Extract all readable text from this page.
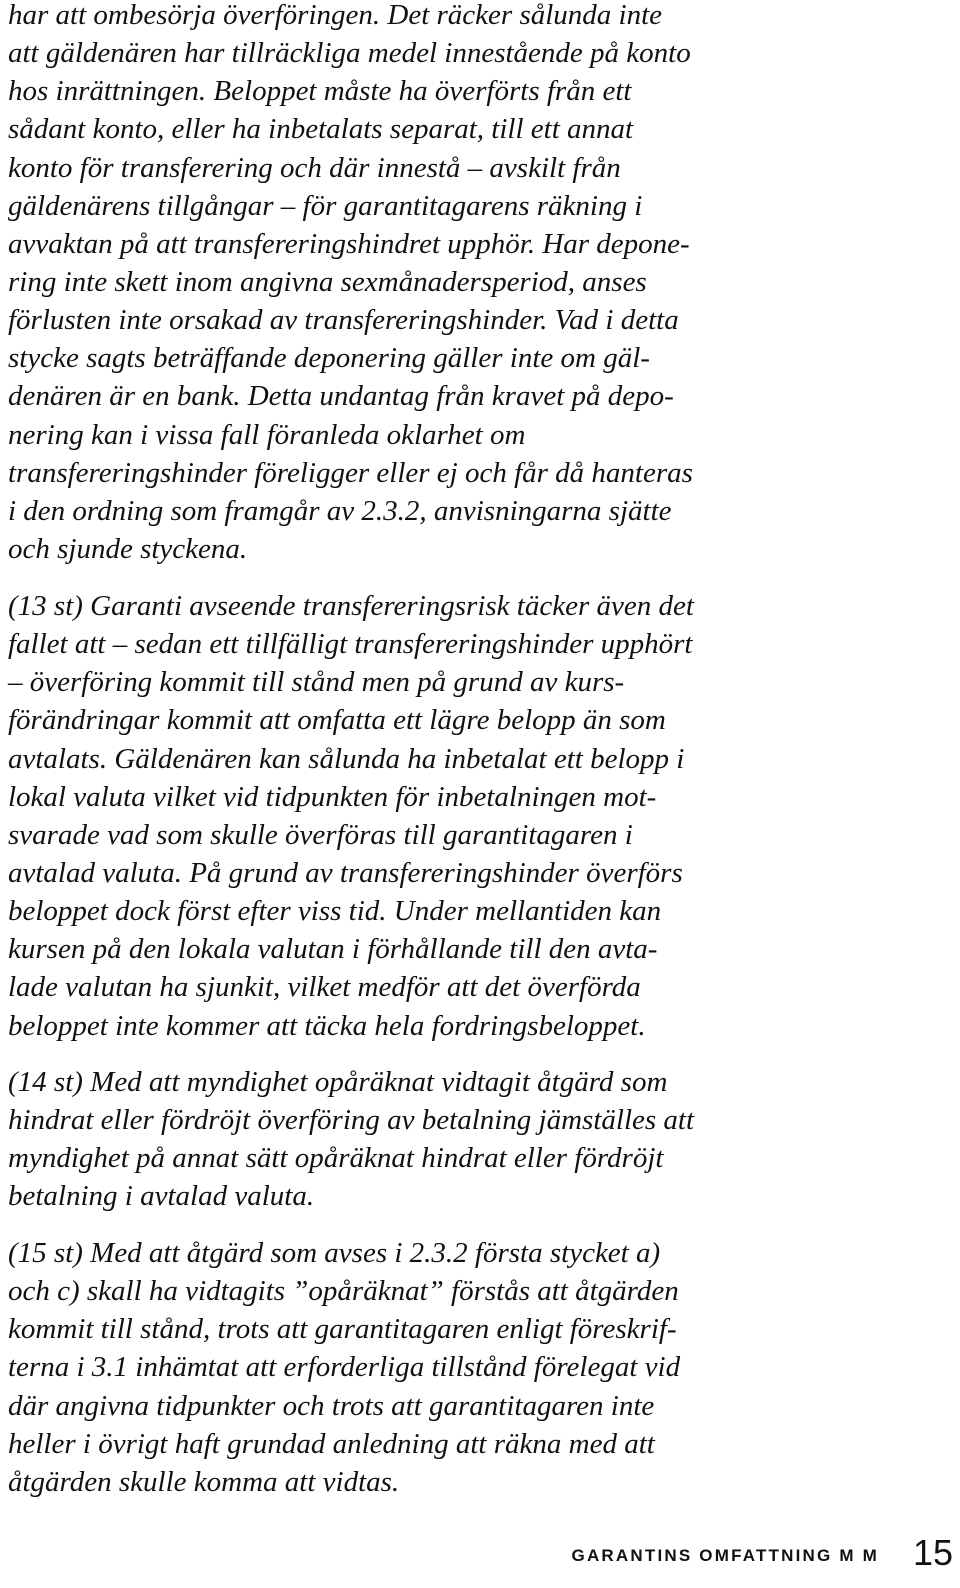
har att ombesörja överföringen. Det räcker sålunda inte
att gäldenären har tillräckliga medel innestående på konto
hos inrättningen. Beloppet måste ha överförts från ett
sådant konto, eller ha inbetalats separat, till ett annat
konto för transferering och där innestå – avskilt från
gäldenärens tillgångar – för garantitagarens räkning i
avvaktan på att transfereringshindret upphör. Har depone-
ring inte skett inom angivna sexmånadersperiod, anses
förlusten inte orsakad av transfereringshinder. Vad i detta
stycke sagts beträffande deponering gäller inte om gäl-
denären är en bank. Detta undantag från kravet på depo-
nering kan i vissa fall föranleda oklarhet om
transfereringshinder föreligger eller ej och får då hanteras
i den ordning som framgår av 2.3.2, anvisningarna sjätte
och sjunde styckena.
(13 st) Garanti avseende transfereringsrisk täcker även det
fallet att – sedan ett tillfälligt transfereringshinder upphört
– överföring kommit till stånd men på grund av kurs-
förändringar kommit att omfatta ett lägre belopp än som
avtalats. Gäldenären kan sålunda ha inbetalat ett belopp i
lokal valuta vilket vid tidpunkten för inbetalningen mot-
svarade vad som skulle överföras till garantitagaren i
avtalad valuta. På grund av transfereringshinder överförs
beloppet dock först efter viss tid. Under mellantiden kan
kursen på den lokala valutan i förhållande till den avta-
lade valutan ha sjunkit, vilket medför att det överförda
beloppet inte kommer att täcka hela fordringsbeloppet.
(14 st) Med att myndighet opåräknat vidtagit åtgärd som
hindrat eller fördröjt överföring av betalning jämställes att
myndighet på annat sätt opåräknat hindrat eller fördröjt
betalning i avtalad valuta.
(15 st) Med att åtgärd som avses i 2.3.2 första stycket a)
och c) skall ha vidtagits ”opåräknat” förstås att åtgärden
kommit till stånd, trots att garantitagaren enligt föreskrif-
terna i 3.1 inhämtat att erforderliga tillstånd förelegat vid
där angivna tidpunkter och trots att garantitagaren inte
heller i övrigt haft grundad anledning att räkna med att
åtgärden skulle komma att vidtas.
GARANTINS OMFATTNING M M 15
